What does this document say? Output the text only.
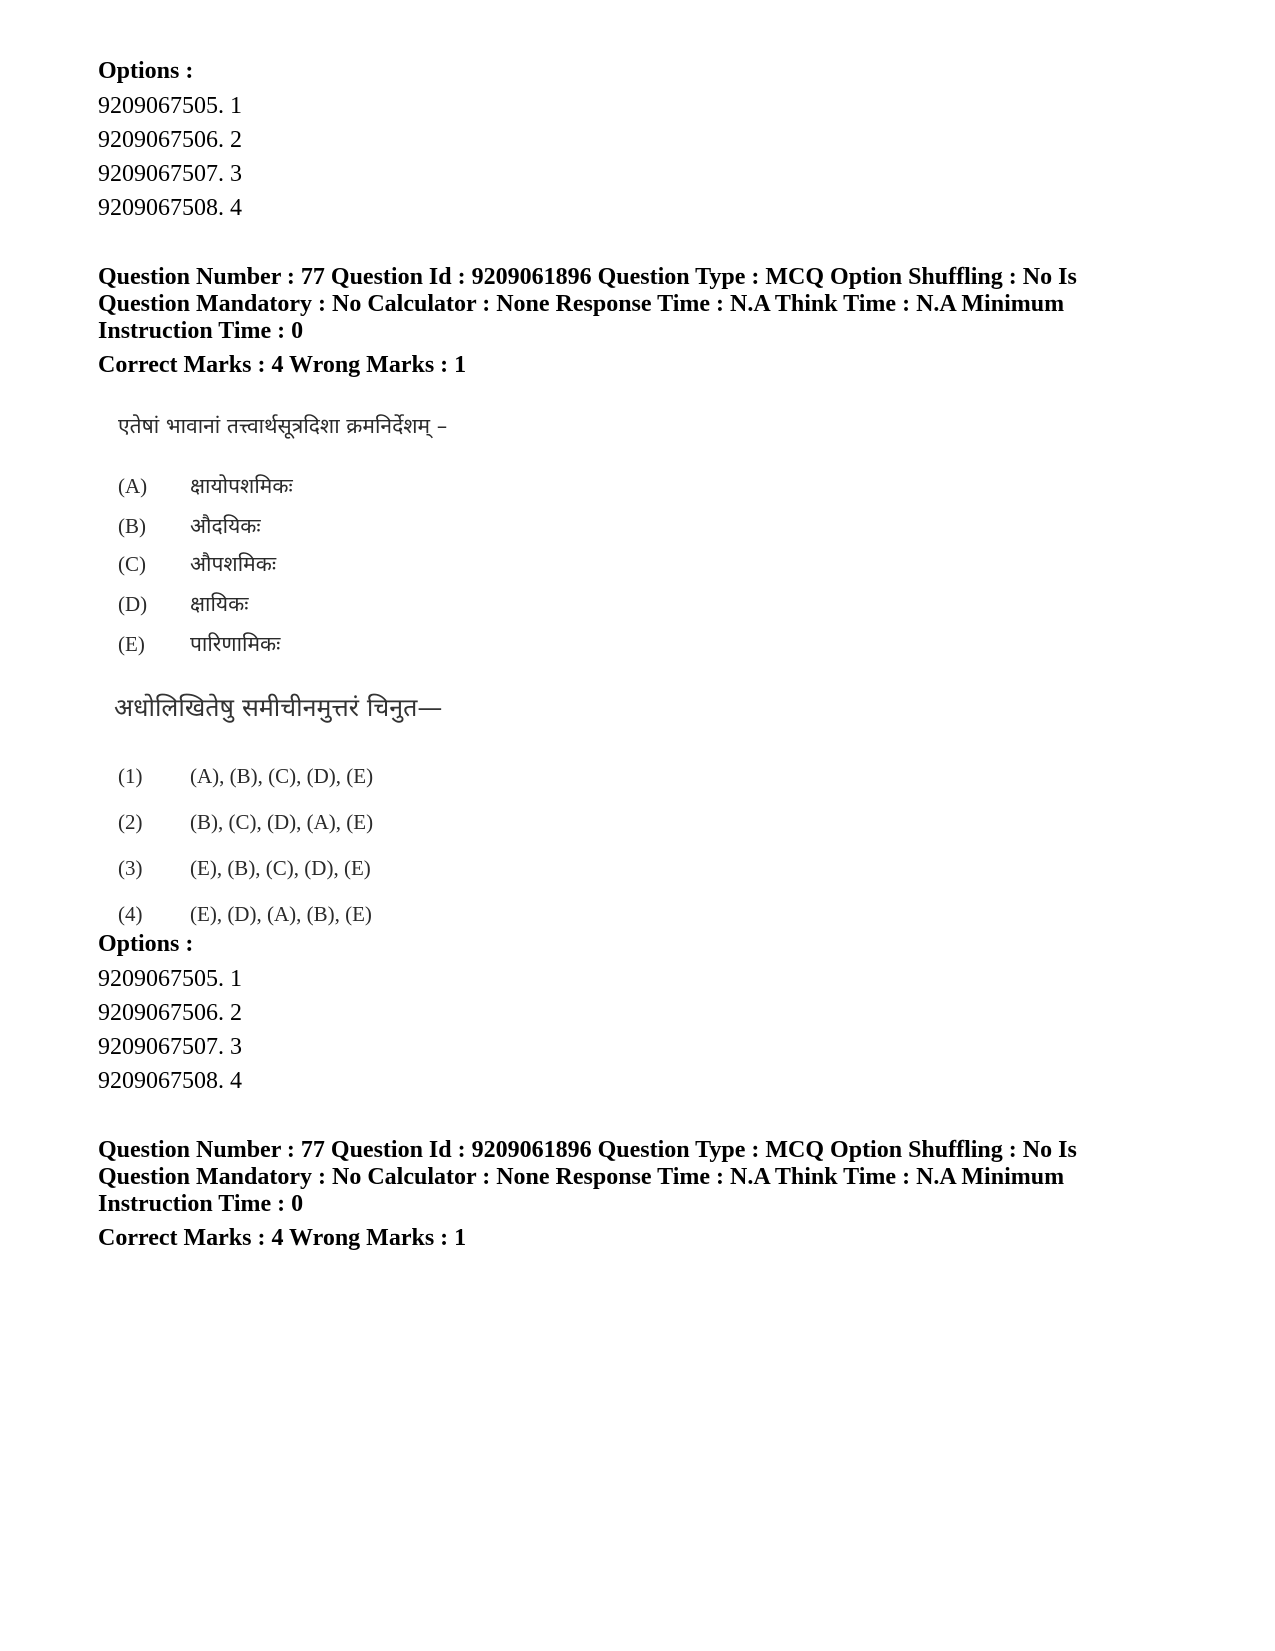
Options :
9209067505. 1
9209067506. 2
9209067507. 3
9209067508. 4
Question Number : 77 Question Id : 9209061896 Question Type : MCQ Option Shuffling : No Is
Question Mandatory : No Calculator : None Response Time : N.A Think Time : N.A Minimum
Instruction Time : 0
Correct Marks : 4 Wrong Marks : 1
एतेषां भावानां तत्त्वार्थसूत्रदिशा क्रमनिर्देशम् –
(A) क्षायोपशमिकः
(B) औदयिकः
(C) औपशमिकः
(D) क्षायिकः
(E) पारिणामिकः
अधोलिखितेषु समीचीनमुत्तरं चिनुत—
(1) (A), (B), (C), (D), (E)
(2) (B), (C), (D), (A), (E)
(3) (E), (B), (C), (D), (E)
(4) (E), (D), (A), (B), (E)
Options :
9209067505. 1
9209067506. 2
9209067507. 3
9209067508. 4
Question Number : 77 Question Id : 9209061896 Question Type : MCQ Option Shuffling : No Is
Question Mandatory : No Calculator : None Response Time : N.A Think Time : N.A Minimum
Instruction Time : 0
Correct Marks : 4 Wrong Marks : 1
